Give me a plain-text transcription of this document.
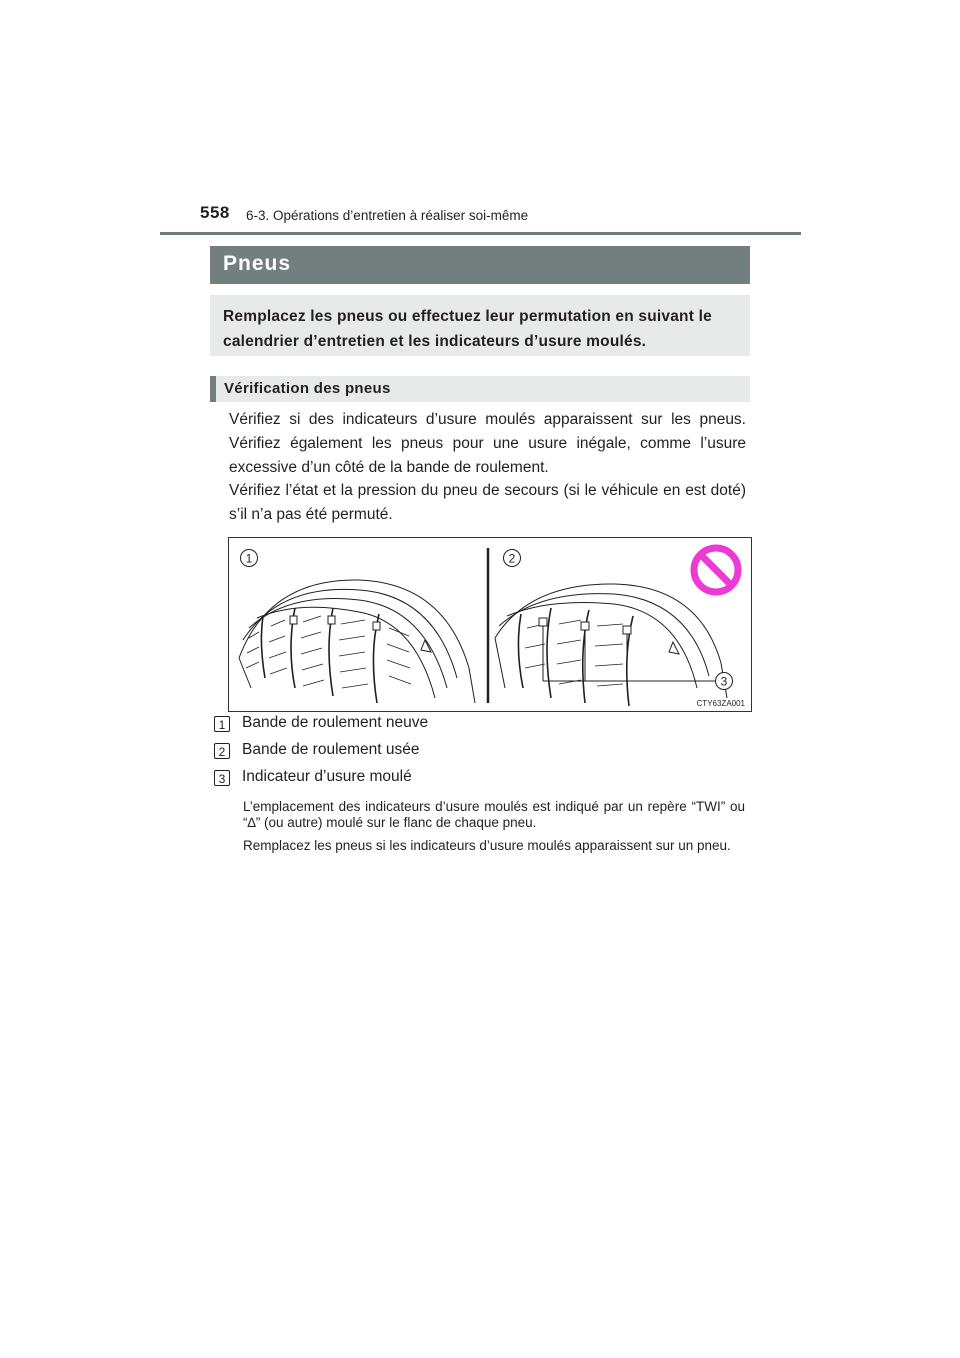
558 6-3. Opérations d’entretien à réaliser soi-même
Pneus
Remplacez les pneus ou effectuez leur permutation en suivant le calendrier d’entretien et les indicateurs d’usure moulés.
Vérification des pneus
Vérifiez si des indicateurs d’usure moulés apparaissent sur les pneus. Vérifiez également les pneus pour une usure inégale, comme l’usure excessive d’un côté de la bande de roulement.
Vérifiez l’état et la pression du pneu de secours (si le véhicule en est doté) s’il n’a pas été permuté.
1	2
3
CTY63ZA001
1	Bande de roulement neuve
2	Bande de roulement usée
3	Indicateur d’usure moulé
L’emplacement des indicateurs d’usure moulés est indiqué par un repère “TWI” ou “∆” (ou autre) moulé sur le flanc de chaque pneu.
Remplacez les pneus si les indicateurs d’usure moulés apparaissent sur un pneu.
